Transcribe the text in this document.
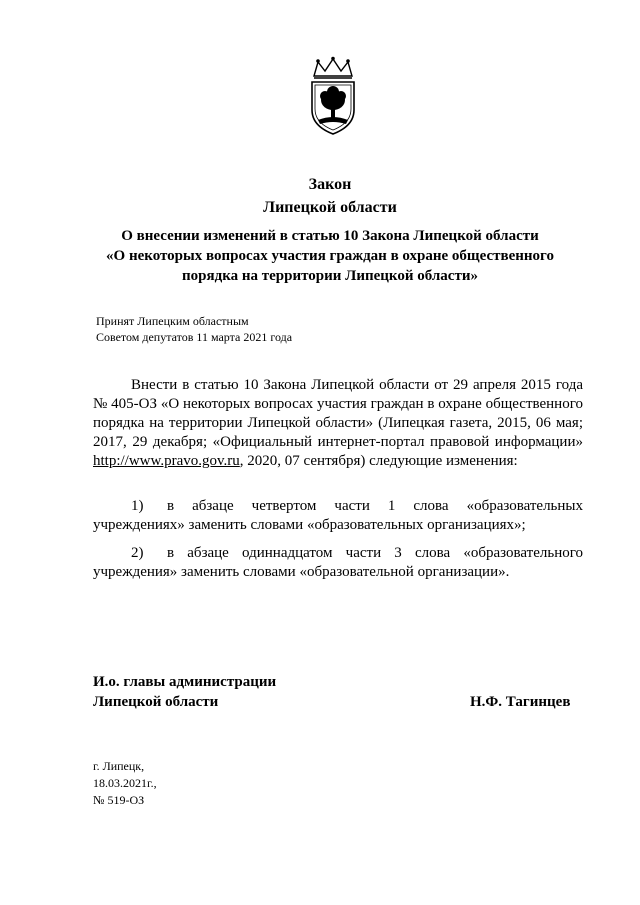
Закон
Липецкой области
О внесении изменений в статью 10 Закона Липецкой области
«О некоторых вопросах участия граждан в охране общественного
порядка на территории Липецкой области»
Принят Липецким областным
Советом депутатов 11 марта 2021 года
Внести в статью 10 Закона Липецкой области от 29 апреля 2015 года № 405-ОЗ «О некоторых вопросах участия граждан в охране общественного порядка на территории Липецкой области» (Липецкая газета, 2015, 06 мая; 2017, 29 декабря; «Официальный интернет-портал правовой информации» http://www.pravo.gov.ru, 2020, 07 сентября) следующие изменения:
1) в абзаце четвертом части 1 слова «образовательных учреждениях» заменить словами «образовательных организациях»;
2) в абзаце одиннадцатом части 3 слова «образовательного учреждения» заменить словами «образовательной организации».
И.о. главы администрации
Липецкой области	Н.Ф. Тагинцев
г. Липецк,
18.03.2021г.,
№ 519-ОЗ
